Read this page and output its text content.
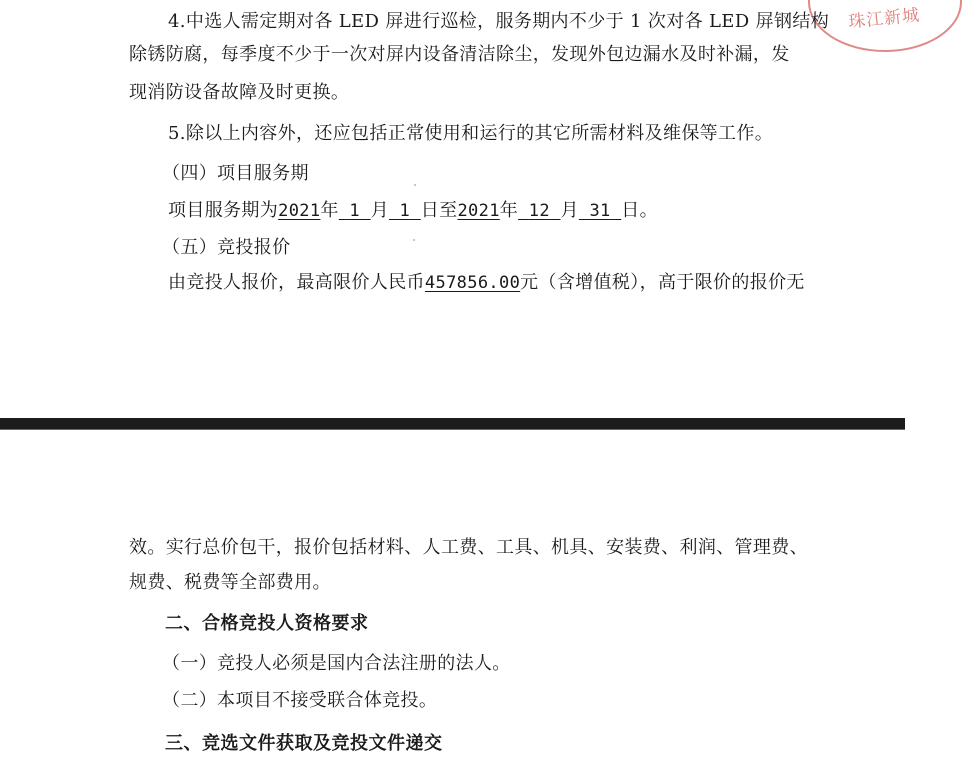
珠江新城
4.中选人需定期对各 LED 屏进行巡检，服务期内不少于 1 次对各 LED 屏钢结构
除锈防腐，每季度不少于一次对屏内设备清洁除尘，发现外包边漏水及时补漏，发
现消防设备故障及时更换。
5.除以上内容外，还应包括正常使用和运行的其它所需材料及维保等工作。
（四）项目服务期
项目服务期为2021年 1 月 1 日至2021年 12 月 31 日。
（五）竞投报价
由竞投人报价，最高限价人民币457856.00元（含增值税），高于限价的报价无
效。实行总价包干，报价包括材料、人工费、工具、机具、安装费、利润、管理费、
规费、税费等全部费用。
二、合格竞投人资格要求
（一）竞投人必须是国内合法注册的法人。
（二）本项目不接受联合体竞投。
三、竞选文件获取及竞投文件递交
